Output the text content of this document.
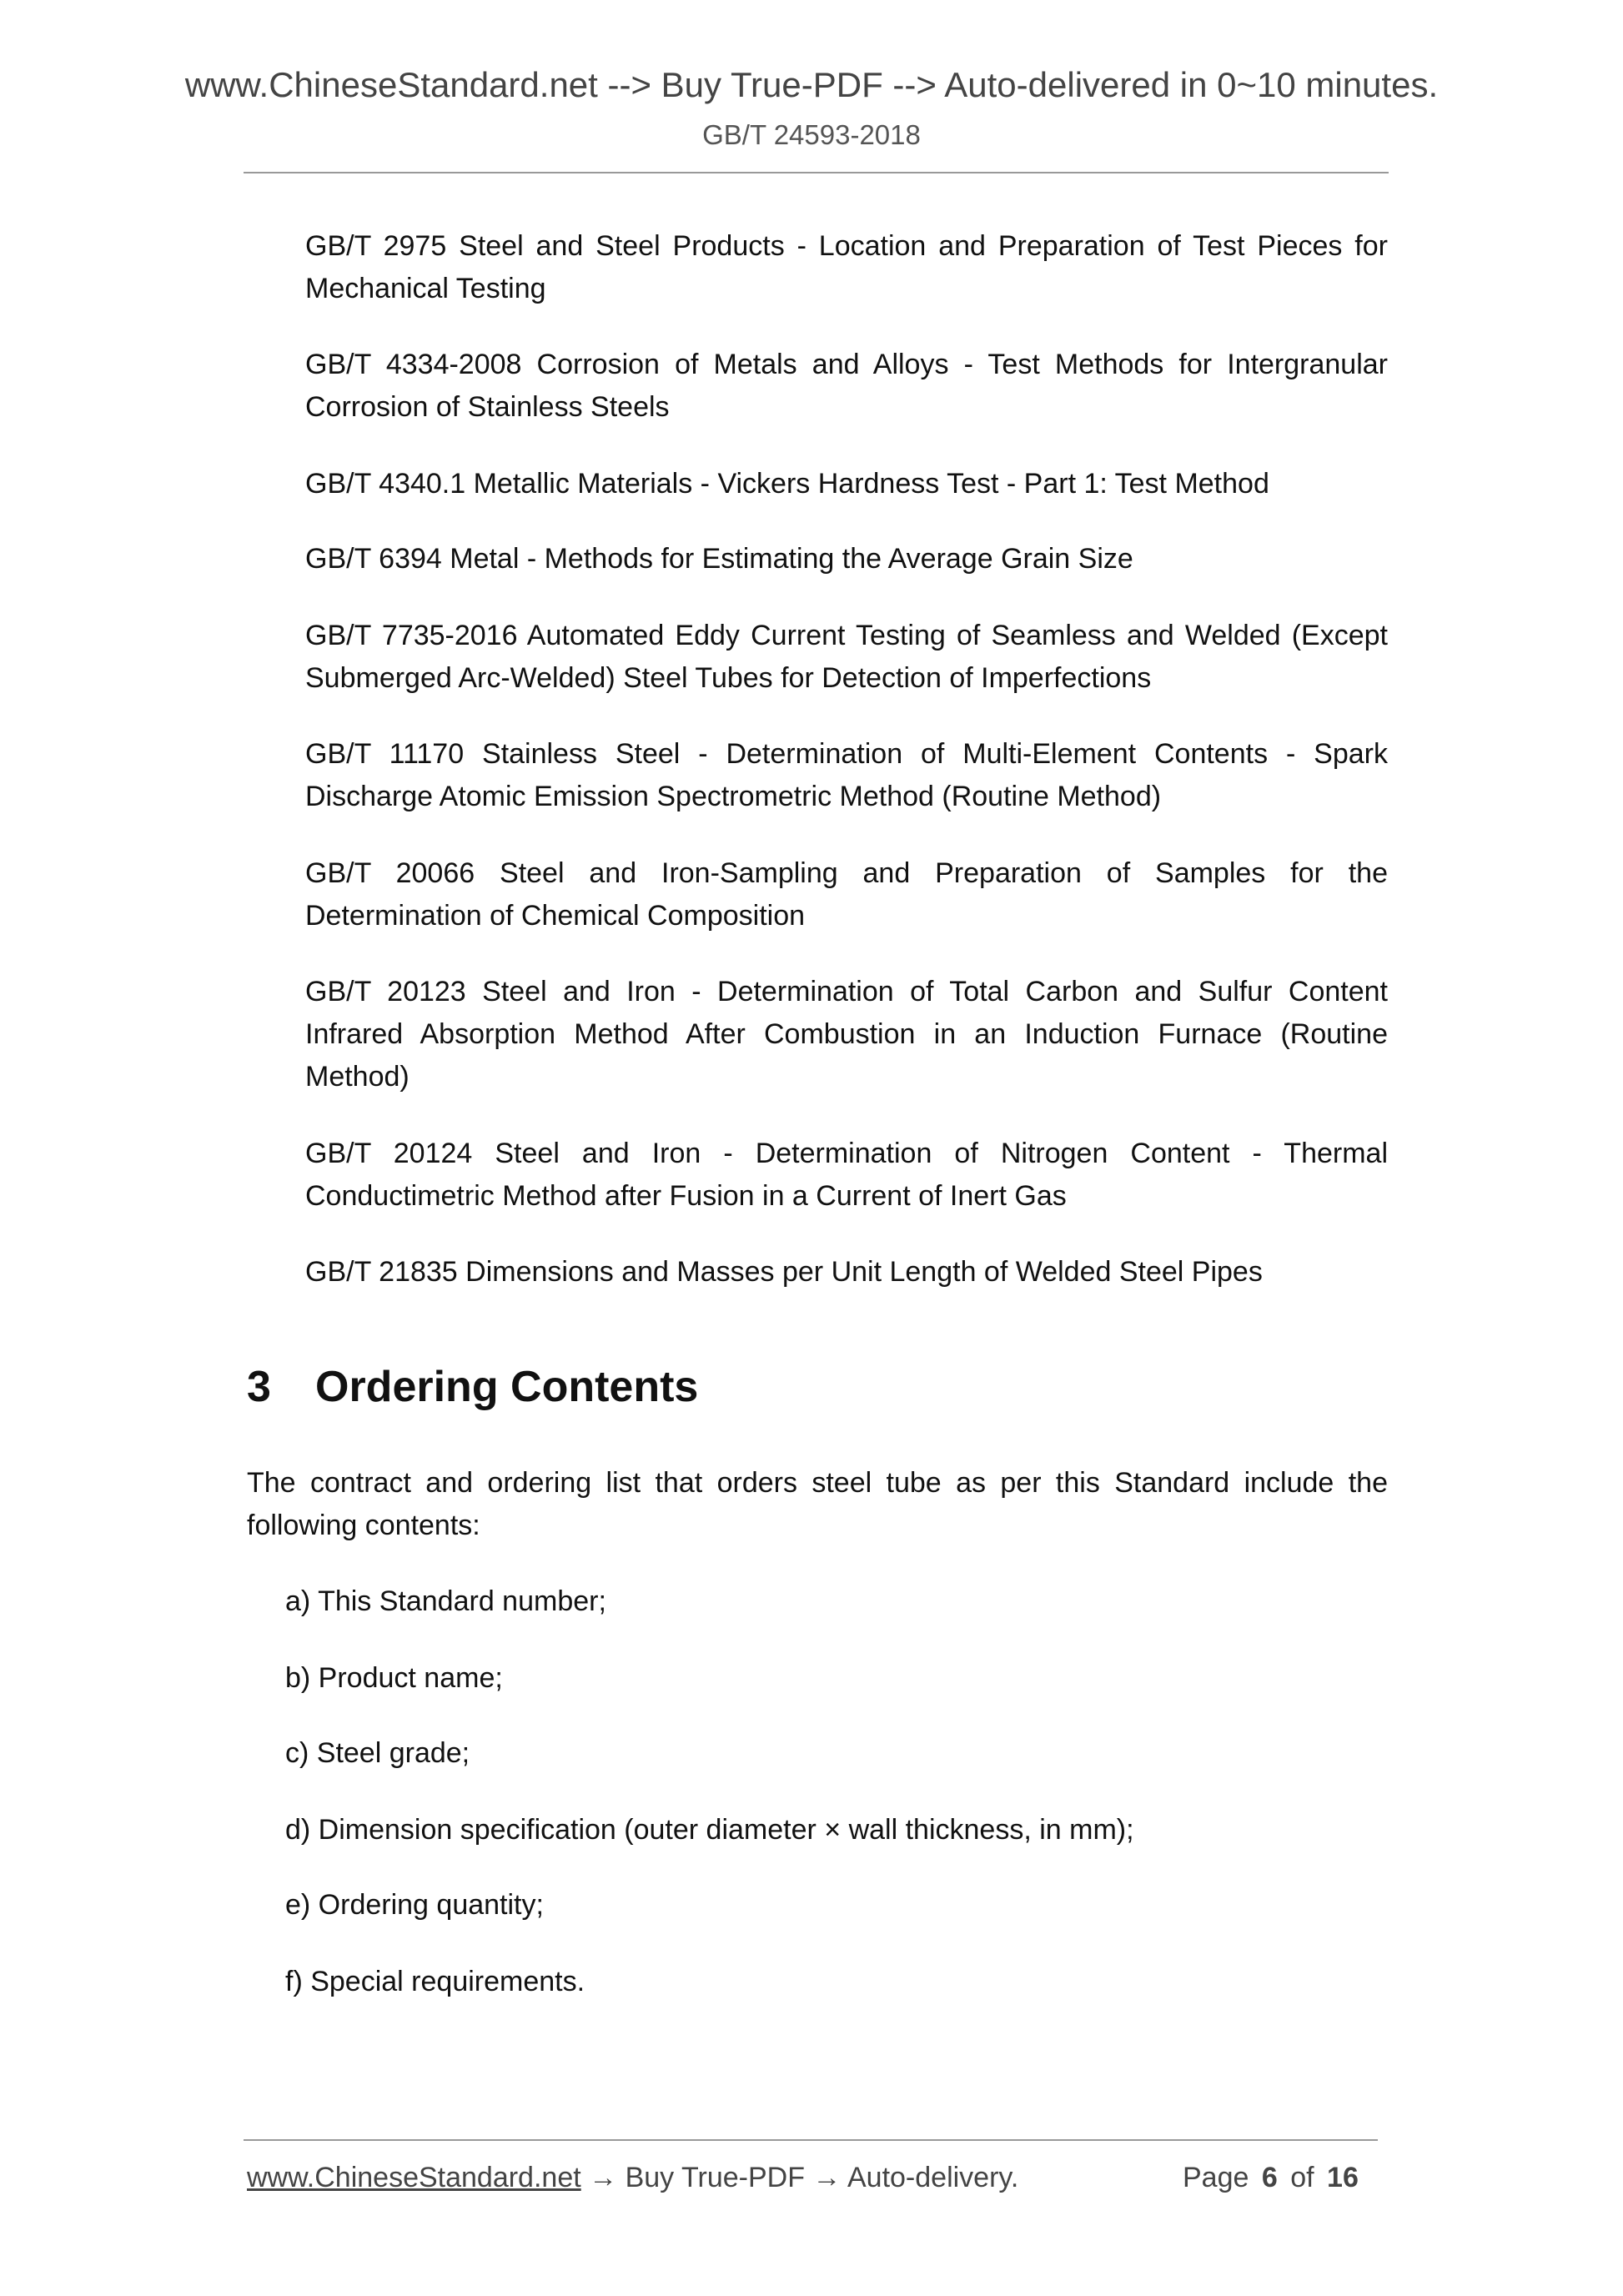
www.ChineseStandard.net --> Buy True-PDF --> Auto-delivered in 0~10 minutes.
GB/T 24593-2018
GB/T 2975 Steel and Steel Products - Location and Preparation of Test Pieces for Mechanical Testing
GB/T 4334-2008 Corrosion of Metals and Alloys - Test Methods for Intergranular Corrosion of Stainless Steels
GB/T 4340.1 Metallic Materials - Vickers Hardness Test - Part 1: Test Method
GB/T 6394 Metal - Methods for Estimating the Average Grain Size
GB/T 7735-2016 Automated Eddy Current Testing of Seamless and Welded (Except Submerged Arc-Welded) Steel Tubes for Detection of Imperfections
GB/T 11170 Stainless Steel - Determination of Multi-Element Contents - Spark Discharge Atomic Emission Spectrometric Method (Routine Method)
GB/T 20066 Steel and Iron-Sampling and Preparation of Samples for the Determination of Chemical Composition
GB/T 20123 Steel and Iron - Determination of Total Carbon and Sulfur Content Infrared Absorption Method After Combustion in an Induction Furnace (Routine Method)
GB/T 20124 Steel and Iron - Determination of Nitrogen Content - Thermal Conductimetric Method after Fusion in a Current of Inert Gas
GB/T 21835 Dimensions and Masses per Unit Length of Welded Steel Pipes
3 Ordering Contents
The contract and ordering list that orders steel tube as per this Standard include the following contents:
a) This Standard number;
b) Product name;
c) Steel grade;
d) Dimension specification (outer diameter × wall thickness, in mm);
e) Ordering quantity;
f) Special requirements.
www.ChineseStandard.net → Buy True-PDF → Auto-delivery.	Page 6 of 16
